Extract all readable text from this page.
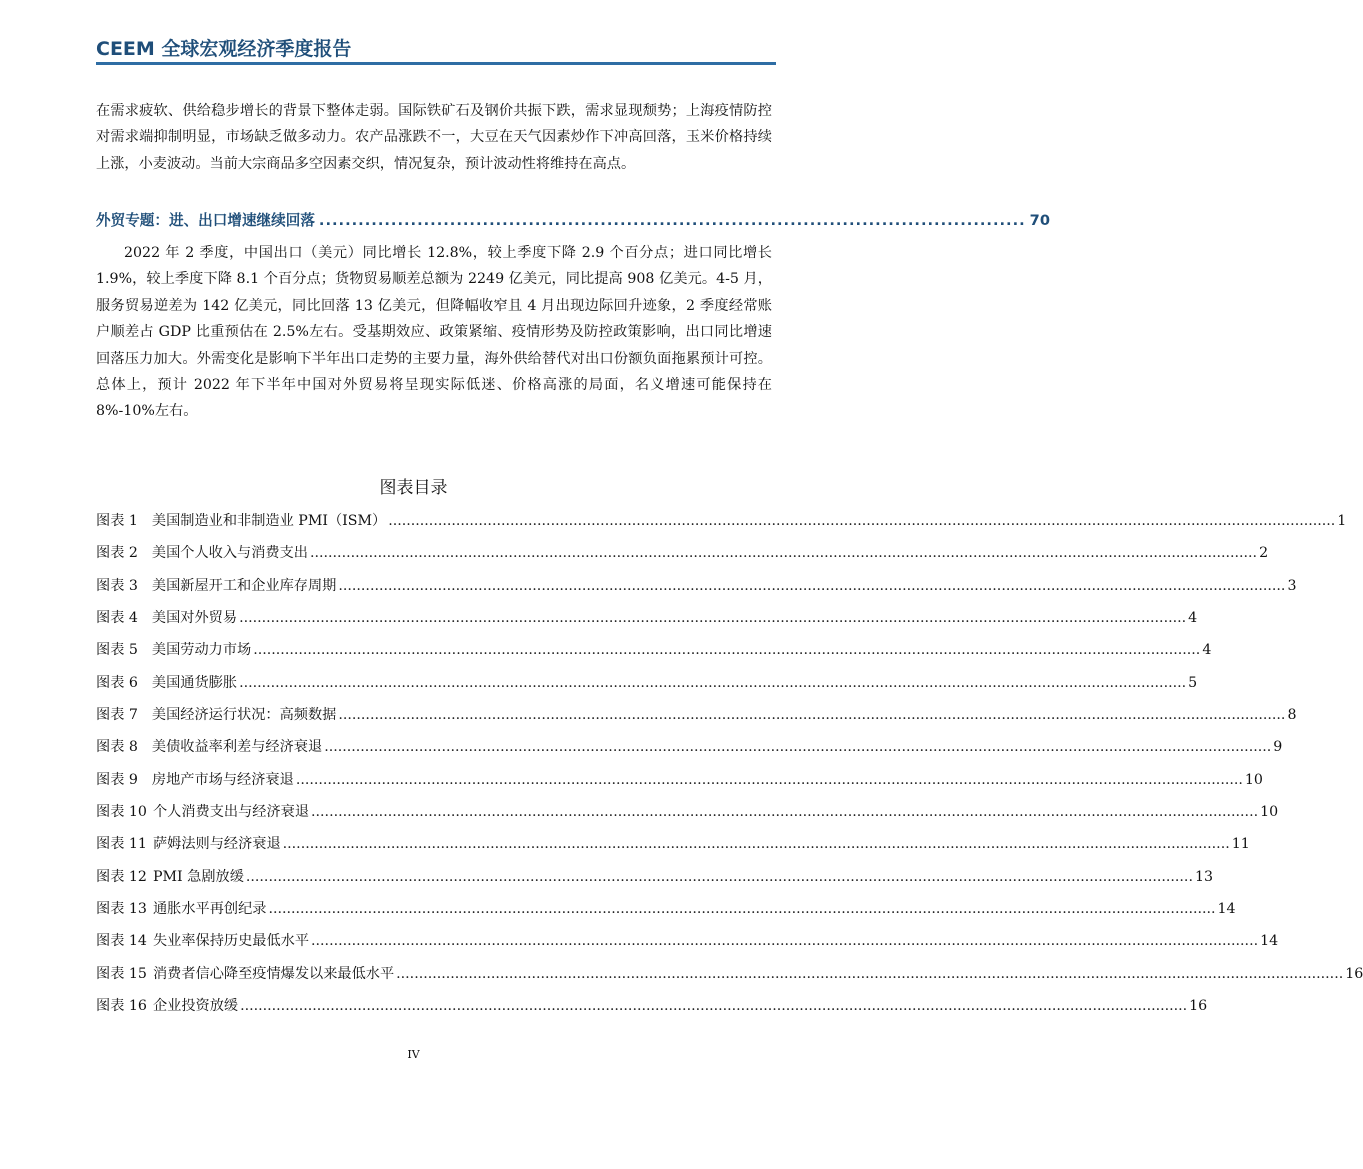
CEEM 全球宏观经济季度报告

在需求疲软、供给稳步增长的背景下整体走弱。国际铁矿石及钢价共振下跌，需求显现颓势；上海疫情防控对需求端抑制明显，市场缺乏做多动力。农产品涨跌不一，大豆在天气因素炒作下冲高回落，玉米价格持续上涨，小麦波动。当前大宗商品多空因素交织，情况复杂，预计波动性将维持在高点。

外贸专题：进、出口增速继续回落 ............................................................................................................ 70

2022 年 2 季度，中国出口（美元）同比增长 12.8%，较上季度下降 2.9 个百分点；进口同比增长 1.9%，较上季度下降 8.1 个百分点；货物贸易顺差总额为 2249 亿美元，同比提高 908 亿美元。4-5 月，服务贸易逆差为 142 亿美元，同比回落 13 亿美元，但降幅收窄且 4 月出现边际回升迹象，2 季度经常账户顺差占 GDP 比重预估在 2.5%左右。受基期效应、政策紧缩、疫情形势及防控政策影响，出口同比增速回落压力加大。外需变化是影响下半年出口走势的主要力量，海外供给替代对出口份额负面拖累预计可控。总体上，预计 2022 年下半年中国对外贸易将呈现实际低迷、价格高涨的局面，名义增速可能保持在 8%-10%左右。

图表目录
图表 1 美国制造业和非制造业 PMI（ISM） .................................................................................................................................................................................................................. 1
图表 2 美国个人收入与消费支出 .................................................................................................................................................................................................................. 2
图表 3 美国新屋开工和企业库存周期 .................................................................................................................................................................................................................. 3
图表 4 美国对外贸易 .................................................................................................................................................................................................................. 4
图表 5 美国劳动力市场 .................................................................................................................................................................................................................. 4
图表 6 美国通货膨胀 .................................................................................................................................................................................................................. 5
图表 7 美国经济运行状况：高频数据 .................................................................................................................................................................................................................. 8
图表 8 美债收益率利差与经济衰退 .................................................................................................................................................................................................................. 9
图表 9 房地产市场与经济衰退 .................................................................................................................................................................................................................. 10
图表 10 个人消费支出与经济衰退 .................................................................................................................................................................................................................. 10
图表 11 萨姆法则与经济衰退 .................................................................................................................................................................................................................. 11
图表 12 PMI 急剧放缓 .................................................................................................................................................................................................................. 13
图表 13 通胀水平再创纪录 .................................................................................................................................................................................................................. 14
图表 14 失业率保持历史最低水平 .................................................................................................................................................................................................................. 14
图表 15 消费者信心降至疫情爆发以来最低水平 .................................................................................................................................................................................................................. 16
图表 16 企业投资放缓 .................................................................................................................................................................................................................. 16
IV
